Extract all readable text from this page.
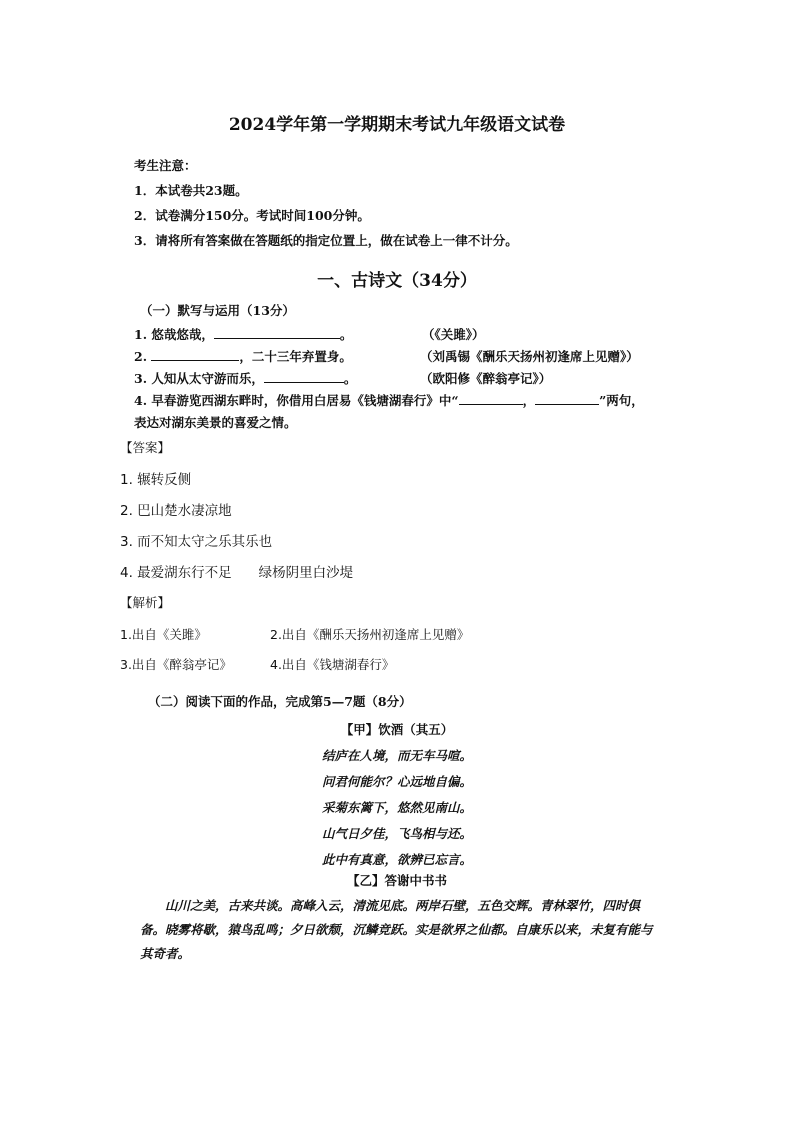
2024学年第一学期期末考试九年级语文试卷
考生注意：
1．本试卷共23题。
2．试卷满分150分。考试时间100分钟。
3．请将所有答案做在答题纸的指定位置上，做在试卷上一律不计分。
一、古诗文（34分）
（一）默写与运用（13分）
1. 悠哉悠哉，	。	（《关雎》）
2.	，二十三年弃置身。	（刘禹锡《酬乐天扬州初逢席上见赠》）
3. 人知从太守游而乐，	。	（欧阳修《醉翁亭记》）
4. 早春游览西湖东畔时，你借用白居易《钱塘湖春行》中“	，	”两句，
表达对湖东美景的喜爱之情。
【答案】
1. 辗转反侧
2. 巴山楚水凄凉地
3. 而不知太守之乐其乐也
4. 最爱湖东行不足　　绿杨阴里白沙堤
【解析】
1.出自《关雎》	2.出自《酬乐天扬州初逢席上见赠》
3.出自《醉翁亭记》	4.出自《钱塘湖春行》
（二）阅读下面的作品，完成第5—7题（8分）
【甲】饮酒（其五）
结庐在人境，而无车马喧。
问君何能尔？心远地自偏。
采菊东篱下，悠然见南山。
山气日夕佳，飞鸟相与还。
此中有真意，欲辨已忘言。
【乙】答谢中书书
山川之美，古来共谈。高峰入云，清流见底。两岸石壁，五色交辉。青林翠竹，四时俱备。晓雾将歇，猿鸟乱鸣；夕日欲颓，沉鳞竞跃。实是欲界之仙都。自康乐以来，未复有能与其奇者。
